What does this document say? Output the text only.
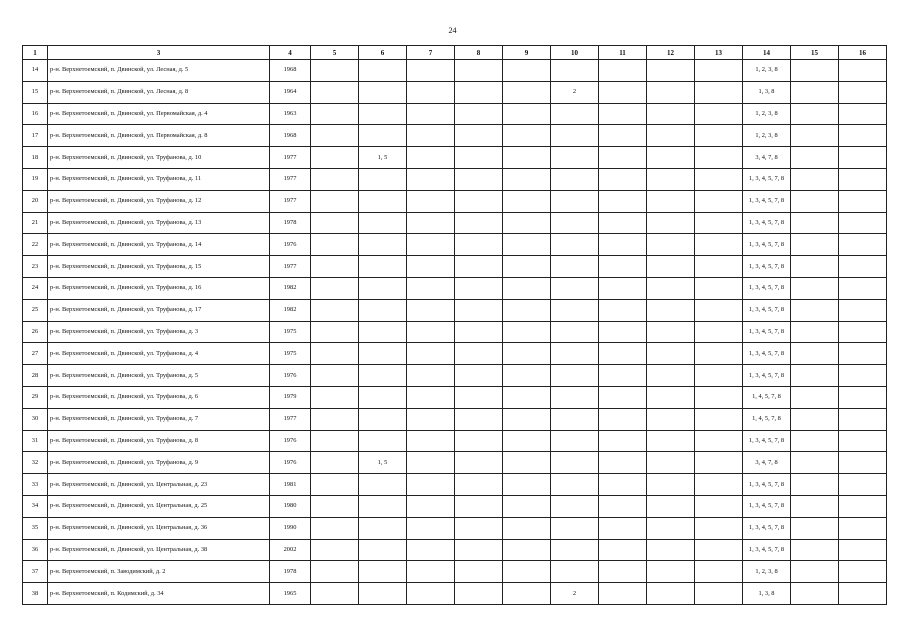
24
1	3	4	5	6	7	8	9	10	11	12	13	14	15	16
14	р-н. Верхнетоемский, п. Двинской, ул. Лесная, д. 5	1968										1, 2, 3, 8		
15	р-н. Верхнетоемский, п. Двинской, ул. Лесная, д. 8	1964						2				1, 3, 8		
16	р-н. Верхнетоемский, п. Двинской, ул. Первомайская, д. 4	1963										1, 2, 3, 8		
17	р-н. Верхнетоемский, п. Двинской, ул. Первомайская, д. 8	1968										1, 2, 3, 8		
18	р-н. Верхнетоемский, п. Двинской, ул. Труфанова, д. 10	1977		1, 5								3, 4, 7, 8		
19	р-н. Верхнетоемский, п. Двинской, ул. Труфанова, д. 11	1977										1, 3, 4, 5, 7, 8		
20	р-н. Верхнетоемский, п. Двинской, ул. Труфанова, д. 12	1977										1, 3, 4, 5, 7, 8		
21	р-н. Верхнетоемский, п. Двинской, ул. Труфанова, д. 13	1978										1, 3, 4, 5, 7, 8		
22	р-н. Верхнетоемский, п. Двинской, ул. Труфанова, д. 14	1976										1, 3, 4, 5, 7, 8		
23	р-н. Верхнетоемский, п. Двинской, ул. Труфанова, д. 15	1977										1, 3, 4, 5, 7, 8		
24	р-н. Верхнетоемский, п. Двинской, ул. Труфанова, д. 16	1982										1, 3, 4, 5, 7, 8		
25	р-н. Верхнетоемский, п. Двинской, ул. Труфанова, д. 17	1982										1, 3, 4, 5, 7, 8		
26	р-н. Верхнетоемский, п. Двинской, ул. Труфанова, д. 3	1975										1, 3, 4, 5, 7, 8		
27	р-н. Верхнетоемский, п. Двинской, ул. Труфанова, д. 4	1975										1, 3, 4, 5, 7, 8		
28	р-н. Верхнетоемский, п. Двинской, ул. Труфанова, д. 5	1976										1, 3, 4, 5, 7, 8		
29	р-н. Верхнетоемский, п. Двинской, ул. Труфанова, д. 6	1979										1, 4, 5, 7, 8		
30	р-н. Верхнетоемский, п. Двинской, ул. Труфанова, д. 7	1977										1, 4, 5, 7, 8		
31	р-н. Верхнетоемский, п. Двинской, ул. Труфанова, д. 8	1976										1, 3, 4, 5, 7, 8		
32	р-н. Верхнетоемский, п. Двинской, ул. Труфанова, д. 9	1976		1, 5								3, 4, 7, 8		
33	р-н. Верхнетоемский, п. Двинской, ул. Центральная, д. 23	1981										1, 3, 4, 5, 7, 8		
34	р-н. Верхнетоемский, п. Двинской, ул. Центральная, д. 25	1980										1, 3, 4, 5, 7, 8		
35	р-н. Верхнетоемский, п. Двинской, ул. Центральная, д. 36	1990										1, 3, 4, 5, 7, 8		
36	р-н. Верхнетоемский, п. Двинской, ул. Центральная, д. 38	2002										1, 3, 4, 5, 7, 8		
37	р-н. Верхнетоемский, п. Заводимский, д. 2	1978										1, 2, 3, 8		
38	р-н. Верхнетоемский, п. Кодимский, д. 34	1965						2				1, 3, 8		
